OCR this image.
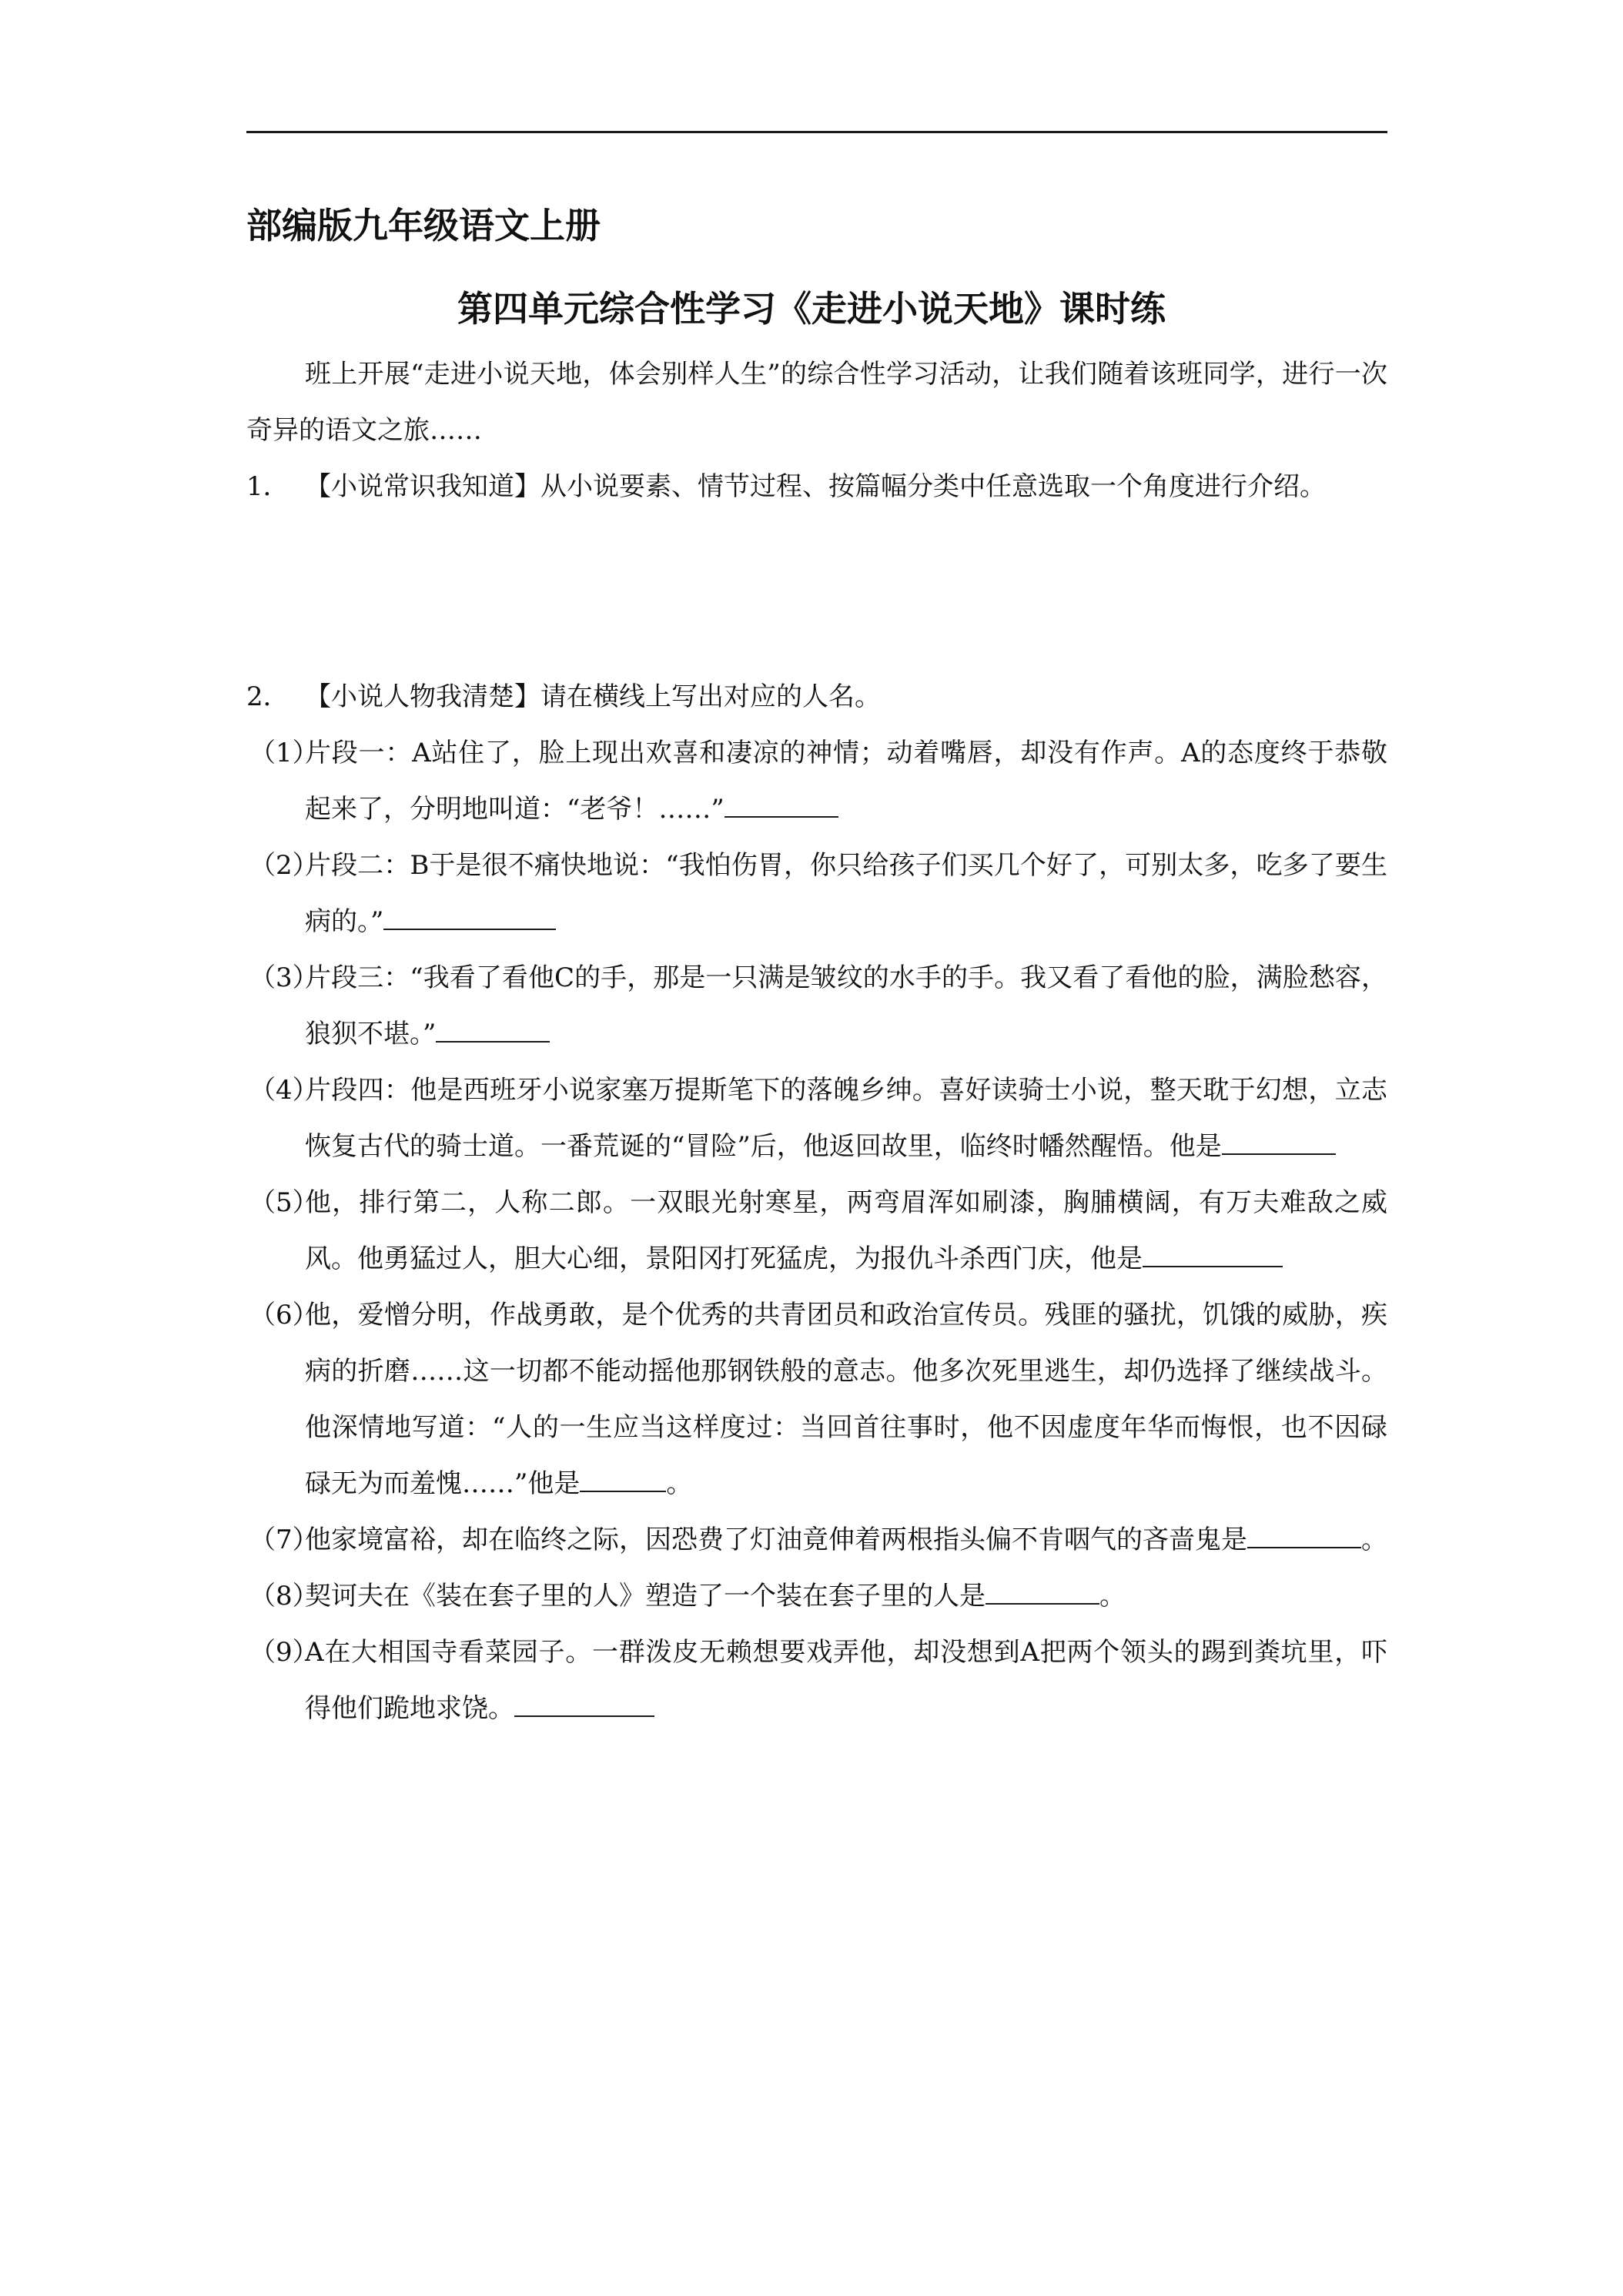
部编版九年级语文上册
第四单元综合性学习《走进小说天地》课时练

班上开展“走进小说天地，体会别样人生”的综合性学习活动，让我们随着该班同学，进行一次奇异的语文之旅……

1． 【小说常识我知道】从小说要素、情节过程、按篇幅分类中任意选取一个角度进行介绍。
2． 【小说人物我清楚】请在横线上写出对应的人名。
（1）
片段一：A站住了，脸上现出欢喜和凄凉的神情；动着嘴唇，却没有作声。A的态度终于恭敬起来了，分明地叫道：“老爷！……”
（2）
片段二：B于是很不痛快地说：“我怕伤胃，你只给孩子们买几个好了，可别太多，吃多了要生病的。”
（3）
片段三：“我看了看他C的手，那是一只满是皱纹的水手的手。我又看了看他的脸，满脸愁容，狼狈不堪。”
（4）
片段四：他是西班牙小说家塞万提斯笔下的落魄乡绅。喜好读骑士小说，整天耽于幻想，立志恢复古代的骑士道。一番荒诞的“冒险”后，他返回故里，临终时幡然醒悟。他是
（5）
他，排行第二，人称二郎。一双眼光射寒星，两弯眉浑如刷漆，胸脯横阔，有万夫难敌之威风。他勇猛过人，胆大心细，景阳冈打死猛虎，为报仇斗杀西门庆，他是
（6）
他，爱憎分明，作战勇敢，是个优秀的共青团员和政治宣传员。残匪的骚扰，饥饿的威胁，疾病的折磨……这一切都不能动摇他那钢铁般的意志。他多次死里逃生，却仍选择了继续战斗。他深情地写道：“人的一生应当这样度过：当回首往事时，他不因虚度年华而悔恨，也不因碌碌无为而羞愧……”他是	。
（7）
他家境富裕，却在临终之际，因恐费了灯油竟伸着两根指头偏不肯咽气的吝啬鬼是	。
（8）
契诃夫在《装在套子里的人》塑造了一个装在套子里的人是	。
（9）
A在大相国寺看菜园子。一群泼皮无赖想要戏弄他，却没想到A把两个领头的踢到粪坑里，吓得他们跪地求饶。
